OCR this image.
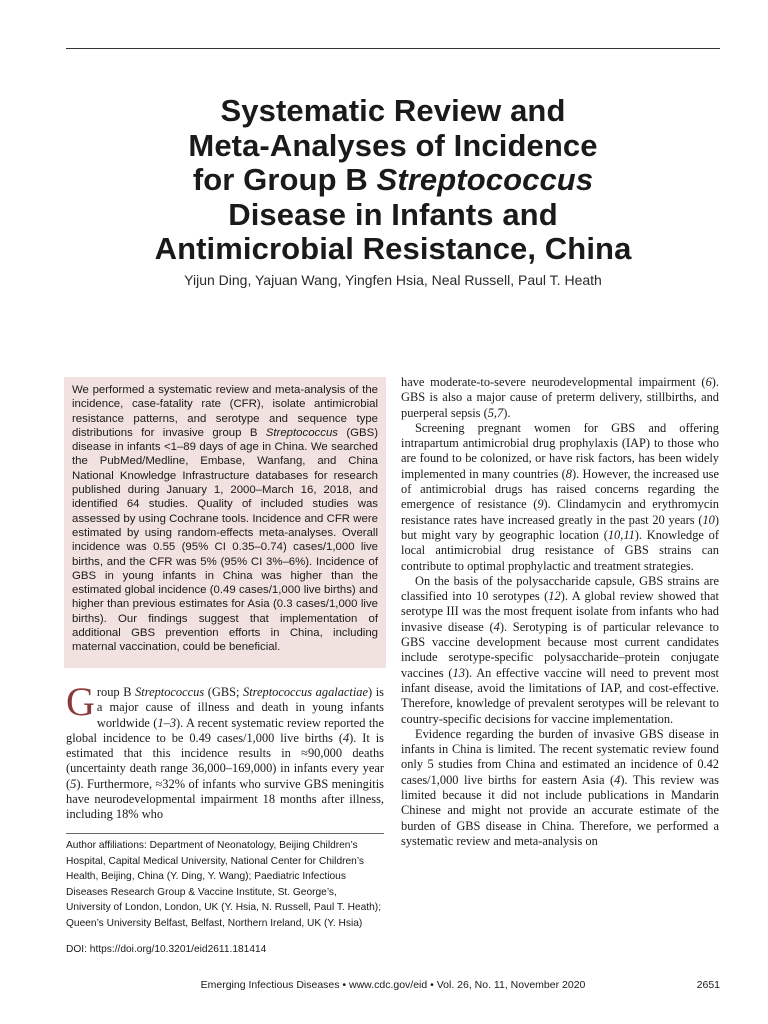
Systematic Review and
Meta-Analyses of Incidence
for Group B Streptococcus
Disease in Infants and
Antimicrobial Resistance, China
Yijun Ding, Yajuan Wang, Yingfen Hsia, Neal Russell, Paul T. Heath
We performed a systematic review and meta-analysis of the incidence, case-fatality rate (CFR), isolate antimicrobial resistance patterns, and serotype and sequence type distributions for invasive group B Streptococcus (GBS) disease in infants <1–89 days of age in China. We searched the PubMed/Medline, Embase, Wanfang, and China National Knowledge Infrastructure databases for research published during January 1, 2000–March 16, 2018, and identified 64 studies. Quality of included studies was assessed by using Cochrane tools. Incidence and CFR were estimated by using random-effects meta-analyses. Overall incidence was 0.55 (95% CI 0.35–0.74) cases/1,000 live births, and the CFR was 5% (95% CI 3%–6%). Incidence of GBS in young infants in China was higher than the estimated global incidence (0.49 cases/1,000 live births) and higher than previous estimates for Asia (0.3 cases/1,000 live births). Our findings suggest that implementation of additional GBS prevention efforts in China, including maternal vaccination, could be beneficial.

Group B Streptococcus (GBS; Streptococcus agalactiae) is a major cause of illness and death in young infants worldwide (1–3). A recent systematic review reported the global incidence to be 0.49 cases/1,000 live births (4). It is estimated that this incidence results in ≈90,000 deaths (uncertainty death range 36,000–169,000) in infants every year (5). Furthermore, ≈32% of infants who survive GBS meningitis have neurodevelopmental impairment 18 months after illness, including 18% who

have moderate-to-severe neurodevelopmental impairment (6). GBS is also a major cause of preterm delivery, stillbirths, and puerperal sepsis (5,7).

Screening pregnant women for GBS and offering intrapartum antimicrobial drug prophylaxis (IAP) to those who are found to be colonized, or have risk factors, has been widely implemented in many countries (8). However, the increased use of antimicrobial drugs has raised concerns regarding the emergence of resistance (9). Clindamycin and erythromycin resistance rates have increased greatly in the past 20 years (10) but might vary by geographic location (10,11). Knowledge of local antimicrobial drug resistance of GBS strains can contribute to optimal prophylactic and treatment strategies.

On the basis of the polysaccharide capsule, GBS strains are classified into 10 serotypes (12). A global review showed that serotype III was the most frequent isolate from infants who had invasive disease (4). Serotyping is of particular relevance to GBS vaccine development because most current candidates include serotype-specific polysaccharide–protein conjugate vaccines (13). An effective vaccine will need to prevent most infant disease, avoid the limitations of IAP, and cost-effective. Therefore, knowledge of prevalent serotypes will be relevant to country-specific decisions for vaccine implementation.

Evidence regarding the burden of invasive GBS disease in infants in China is limited. The recent systematic review found only 5 studies from China and estimated an incidence of 0.42 cases/1,000 live births for eastern Asia (4). This review was limited because it did not include publications in Mandarin Chinese and might not provide an accurate estimate of the burden of GBS disease in China. Therefore, we performed a systematic review and meta-analysis on

Author affiliations: Department of Neonatology, Beijing Children’s Hospital, Capital Medical University, National Center for Children’s Health, Beijing, China (Y. Ding, Y. Wang); Paediatric Infectious Diseases Research Group & Vaccine Institute, St. George’s, University of London, London, UK (Y. Hsia, N. Russell, Paul T. Heath); Queen’s University Belfast, Belfast, Northern Ireland, UK (Y. Hsia)
DOI: https://doi.org/10.3201/eid2611.181414
Emerging Infectious Diseases • www.cdc.gov/eid • Vol. 26, No. 11, November 2020	2651
